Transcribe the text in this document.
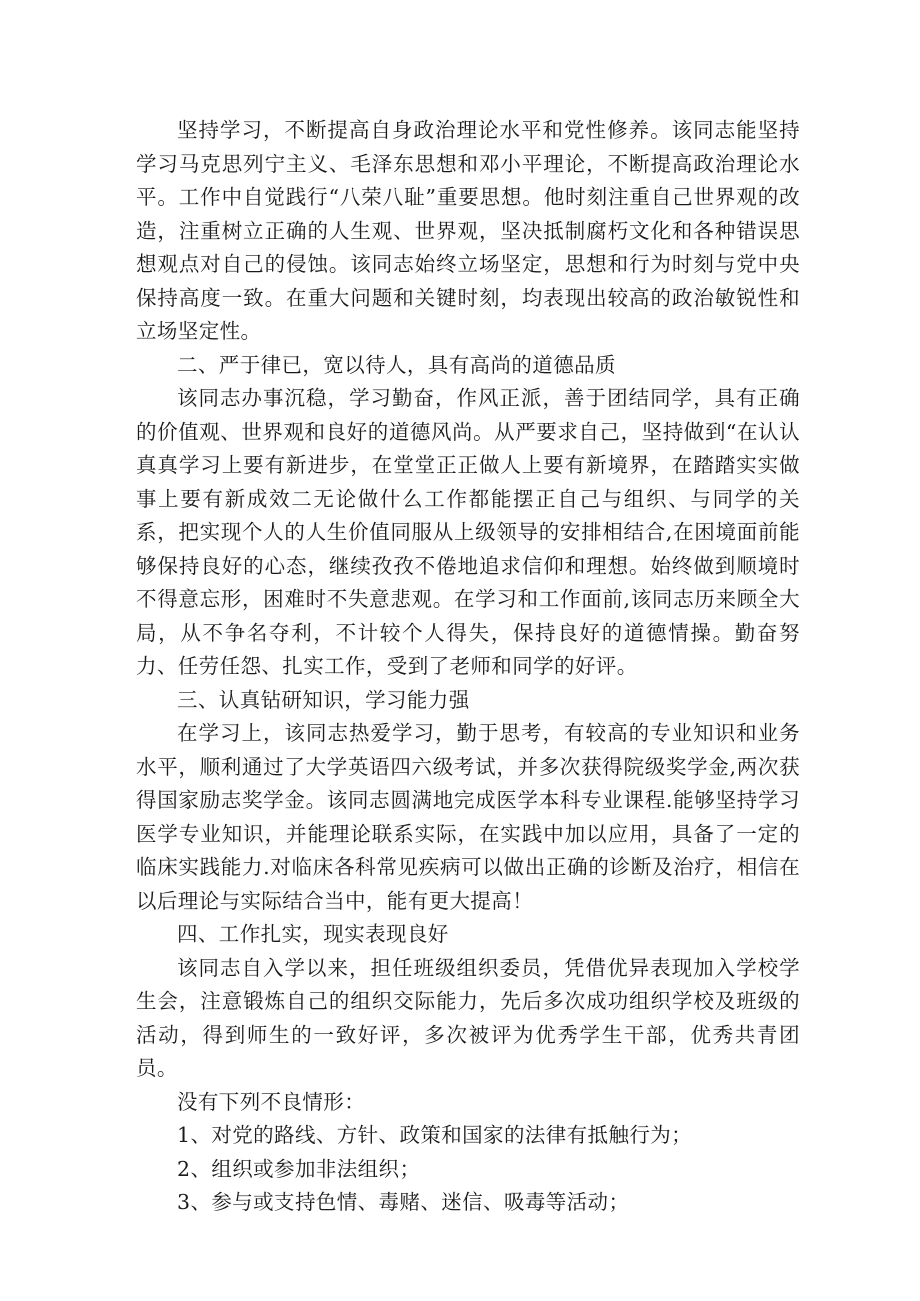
坚持学习，不断提高自身政治理论水平和党性修养。该同志能坚持学习马克思列宁主义、毛泽东思想和邓小平理论，不断提高政治理论水平。工作中自觉践行“八荣八耻”重要思想。他时刻注重自己世界观的改造，注重树立正确的人生观、世界观，坚决抵制腐朽文化和各种错误思想观点对自己的侵蚀。该同志始终立场坚定，思想和行为时刻与党中央保持高度一致。在重大问题和关键时刻，均表现出较高的政治敏锐性和立场坚定性。

二、严于律已，宽以待人，具有高尚的道德品质

该同志办事沉稳，学习勤奋，作风正派，善于团结同学，具有正确的价值观、世界观和良好的道德风尚。从严要求自己，坚持做到“在认认真真学习上要有新进步，在堂堂正正做人上要有新境界，在踏踏实实做事上要有新成效二无论做什么工作都能摆正自己与组织、与同学的关系，把实现个人的人生价值同服从上级领导的安排相结合,在困境面前能够保持良好的心态，继续孜孜不倦地追求信仰和理想。始终做到顺境时不得意忘形，困难时不失意悲观。在学习和工作面前,该同志历来顾全大局，从不争名夺利，不计较个人得失，保持良好的道德情操。勤奋努力、任劳任怨、扎实工作，受到了老师和同学的好评。

三、认真钻研知识，学习能力强

在学习上，该同志热爱学习，勤于思考，有较高的专业知识和业务水平，顺利通过了大学英语四六级考试，并多次获得院级奖学金,两次获得国家励志奖学金。该同志圆满地完成医学本科专业课程.能够坚持学习医学专业知识，并能理论联系实际，在实践中加以应用，具备了一定的临床实践能力.对临床各科常见疾病可以做出正确的诊断及治疗，相信在以后理论与实际结合当中，能有更大提高！

四、工作扎实，现实表现良好

该同志自入学以来，担任班级组织委员，凭借优异表现加入学校学生会，注意锻炼自己的组织交际能力，先后多次成功组织学校及班级的活动，得到师生的一致好评，多次被评为优秀学生干部，优秀共青团员。

没有下列不良情形：

1、对党的路线、方针、政策和国家的法律有抵触行为；

2、组织或参加非法组织；

3、参与或支持色情、毒赌、迷信、吸毒等活动；
